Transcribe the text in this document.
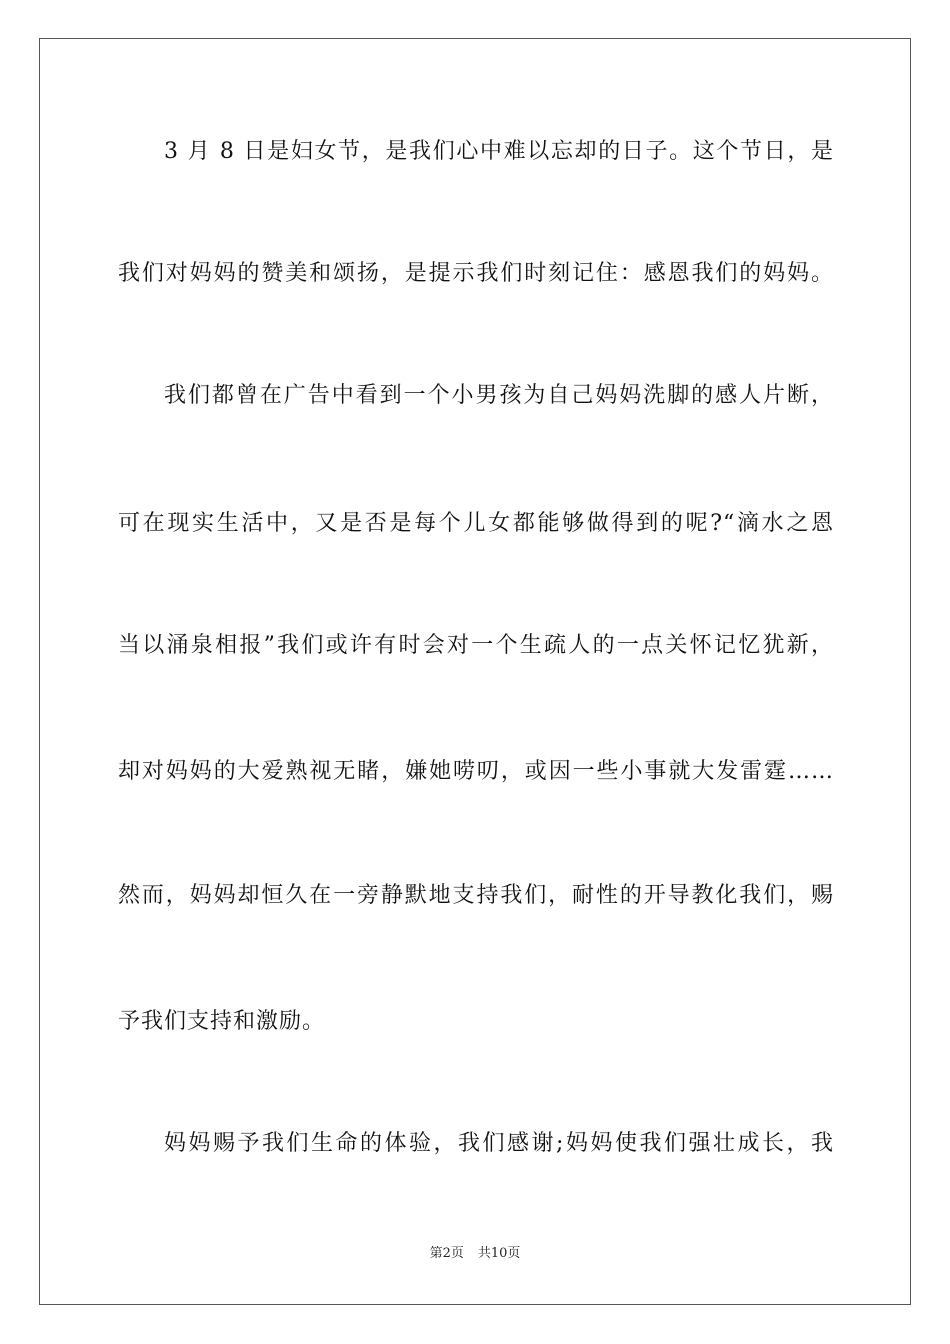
3 月 8 日是妇女节，是我们心中难以忘却的日子。这个节日，是
我们对妈妈的赞美和颂扬，是提示我们时刻记住：感恩我们的妈妈。
我们都曾在广告中看到一个小男孩为自己妈妈洗脚的感人片断，
可在现实生活中，又是否是每个儿女都能够做得到的呢?“滴水之恩
当以涌泉相报”我们或许有时会对一个生疏人的一点关怀记忆犹新，
却对妈妈的大爱熟视无睹，嫌她唠叨，或因一些小事就大发雷霆……
然而，妈妈却恒久在一旁静默地支持我们，耐性的开导教化我们，赐
予我们支持和激励。
妈妈赐予我们生命的体验，我们感谢;妈妈使我们强壮成长，我
第2页 共10页
